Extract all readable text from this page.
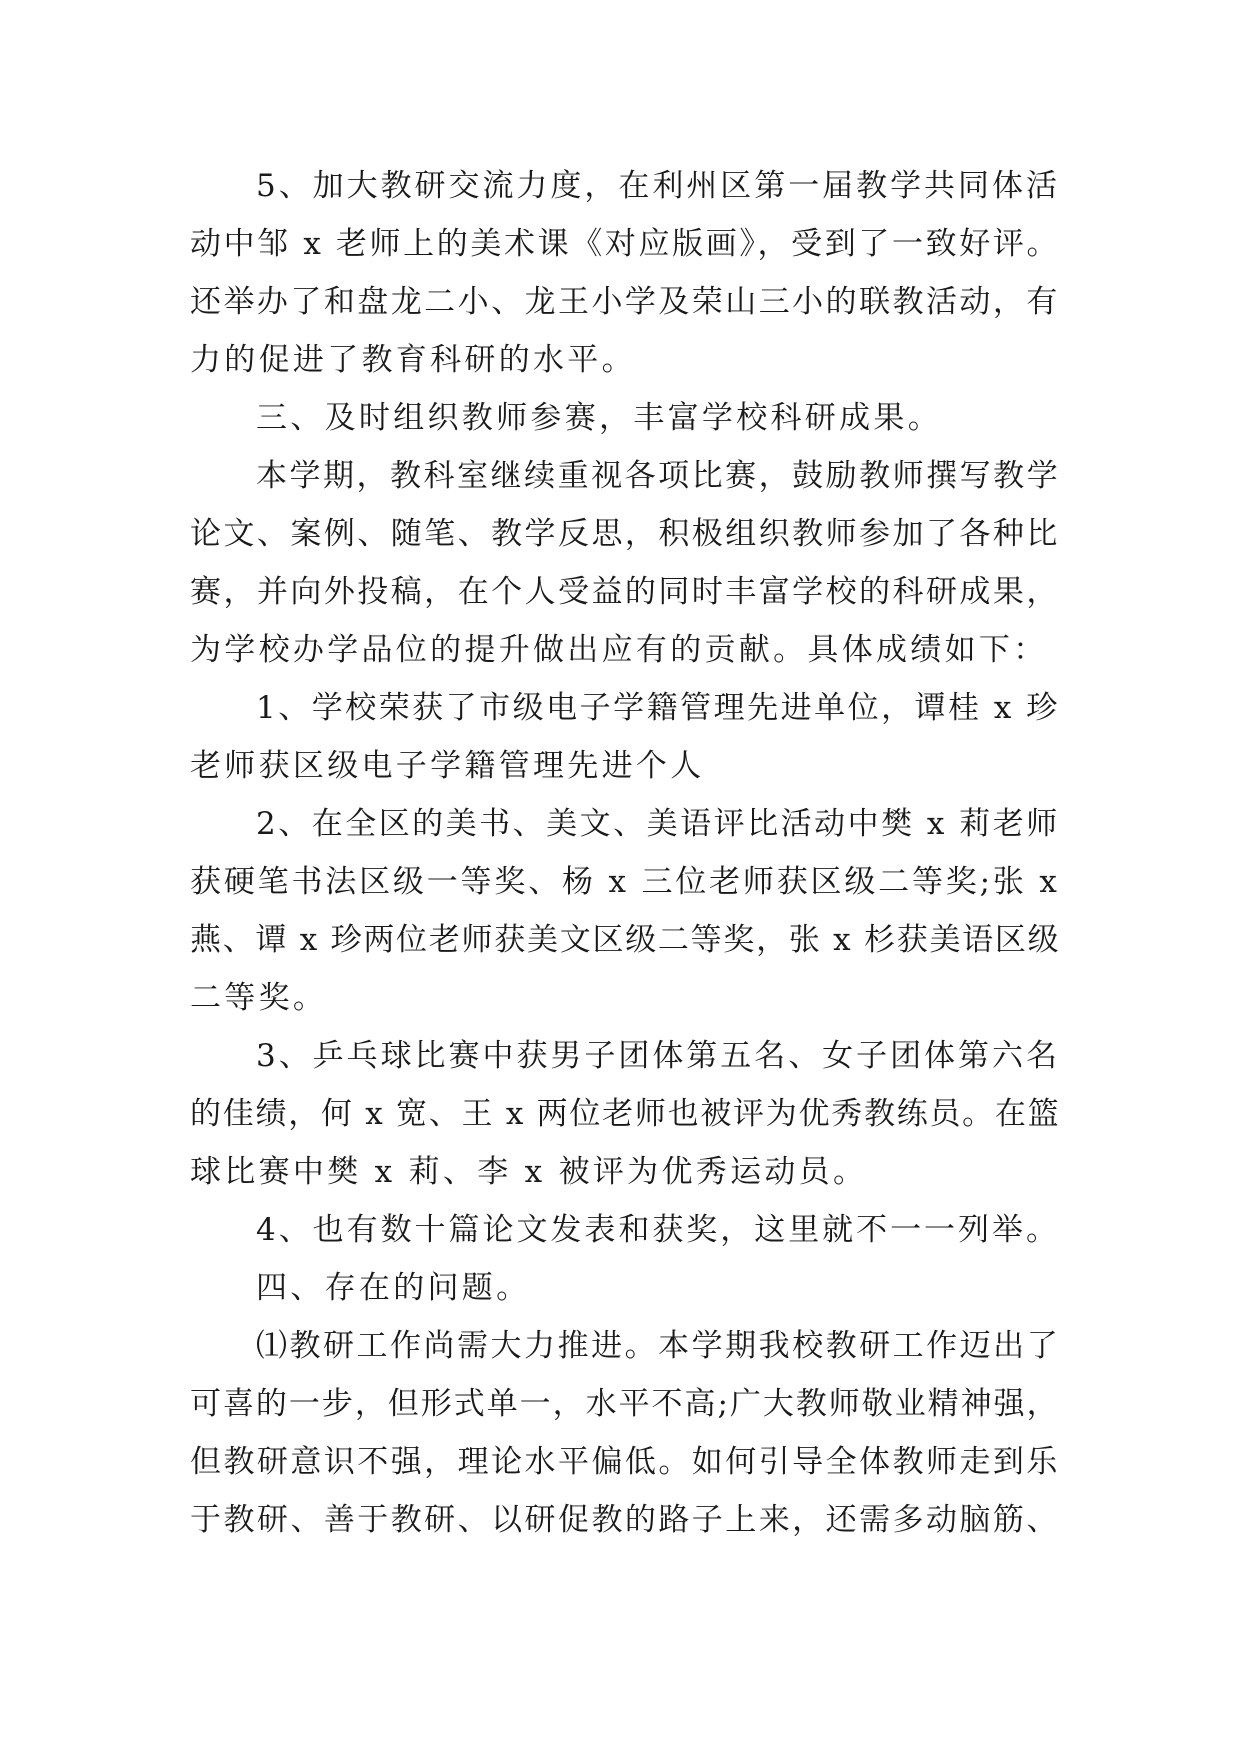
5、加大教研交流力度，在利州区第一届教学共同体活
动中邹 x 老师上的美术课《对应版画》，受到了一致好评。
还举办了和盘龙二小、龙王小学及荣山三小的联教活动，有
力的促进了教育科研的水平。
三、及时组织教师参赛，丰富学校科研成果。
本学期，教科室继续重视各项比赛，鼓励教师撰写教学
论文、案例、随笔、教学反思，积极组织教师参加了各种比
赛，并向外投稿，在个人受益的同时丰富学校的科研成果，
为学校办学品位的提升做出应有的贡献。具体成绩如下：
1、学校荣获了市级电子学籍管理先进单位，谭桂 x 珍
老师获区级电子学籍管理先进个人
2、在全区的美书、美文、美语评比活动中樊 x 莉老师
获硬笔书法区级一等奖、杨 x 三位老师获区级二等奖;张 x
燕、谭 x 珍两位老师获美文区级二等奖，张 x 杉获美语区级
二等奖。
3、乒乓球比赛中获男子团体第五名、女子团体第六名
的佳绩，何 x 宽、王 x 两位老师也被评为优秀教练员。在篮
球比赛中樊 x 莉、李 x 被评为优秀运动员。
4、也有数十篇论文发表和获奖，这里就不一一列举。
四、存在的问题。
⑴教研工作尚需大力推进。本学期我校教研工作迈出了
可喜的一步，但形式单一，水平不高;广大教师敬业精神强，
但教研意识不强，理论水平偏低。如何引导全体教师走到乐
于教研、善于教研、以研促教的路子上来，还需多动脑筋、
